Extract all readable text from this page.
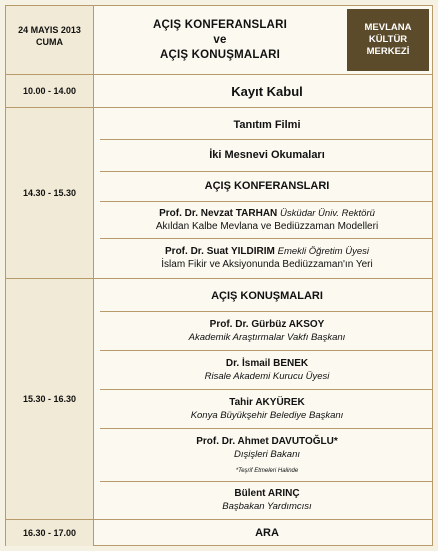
24 MAYIS 2013
CUMA
AÇIŞ KONFERANSLARI
ve
AÇIŞ KONUŞMALARI
MEVLANA
KÜLTÜR
MERKEZİ
10.00 - 14.00
14.30 - 15.30
15.30 - 16.30
16.30 - 17.00
Kayıt Kabul
Tanıtım Filmi
İki Mesnevi Okumaları
AÇIŞ KONFERANSLARI
Prof. Dr. Nevzat TARHAN Üsküdar Üniv. Rektörü
Akıldan Kalbe Mevlana ve Bediüzzaman Modelleri
Prof. Dr. Suat YILDIRIM Emekli Öğretim Üyesi
İslam Fikir ve Aksiyonunda Bediüzzaman'ın Yeri
AÇIŞ KONUŞMALARI
Prof. Dr. Gürbüz AKSOY
Akademik Araştırmalar Vakfı Başkanı
Dr. İsmail BENEK
Risale Akademi Kurucu Üyesi
Tahir AKYÜREK
Konya Büyükşehir Belediye Başkanı
Prof. Dr. Ahmet DAVUTOĞLU*
Dışişleri Bakanı
*Teşrif Etmeleri Halinde
Bülent ARINÇ
Başbakan Yardımcısı
ARA
